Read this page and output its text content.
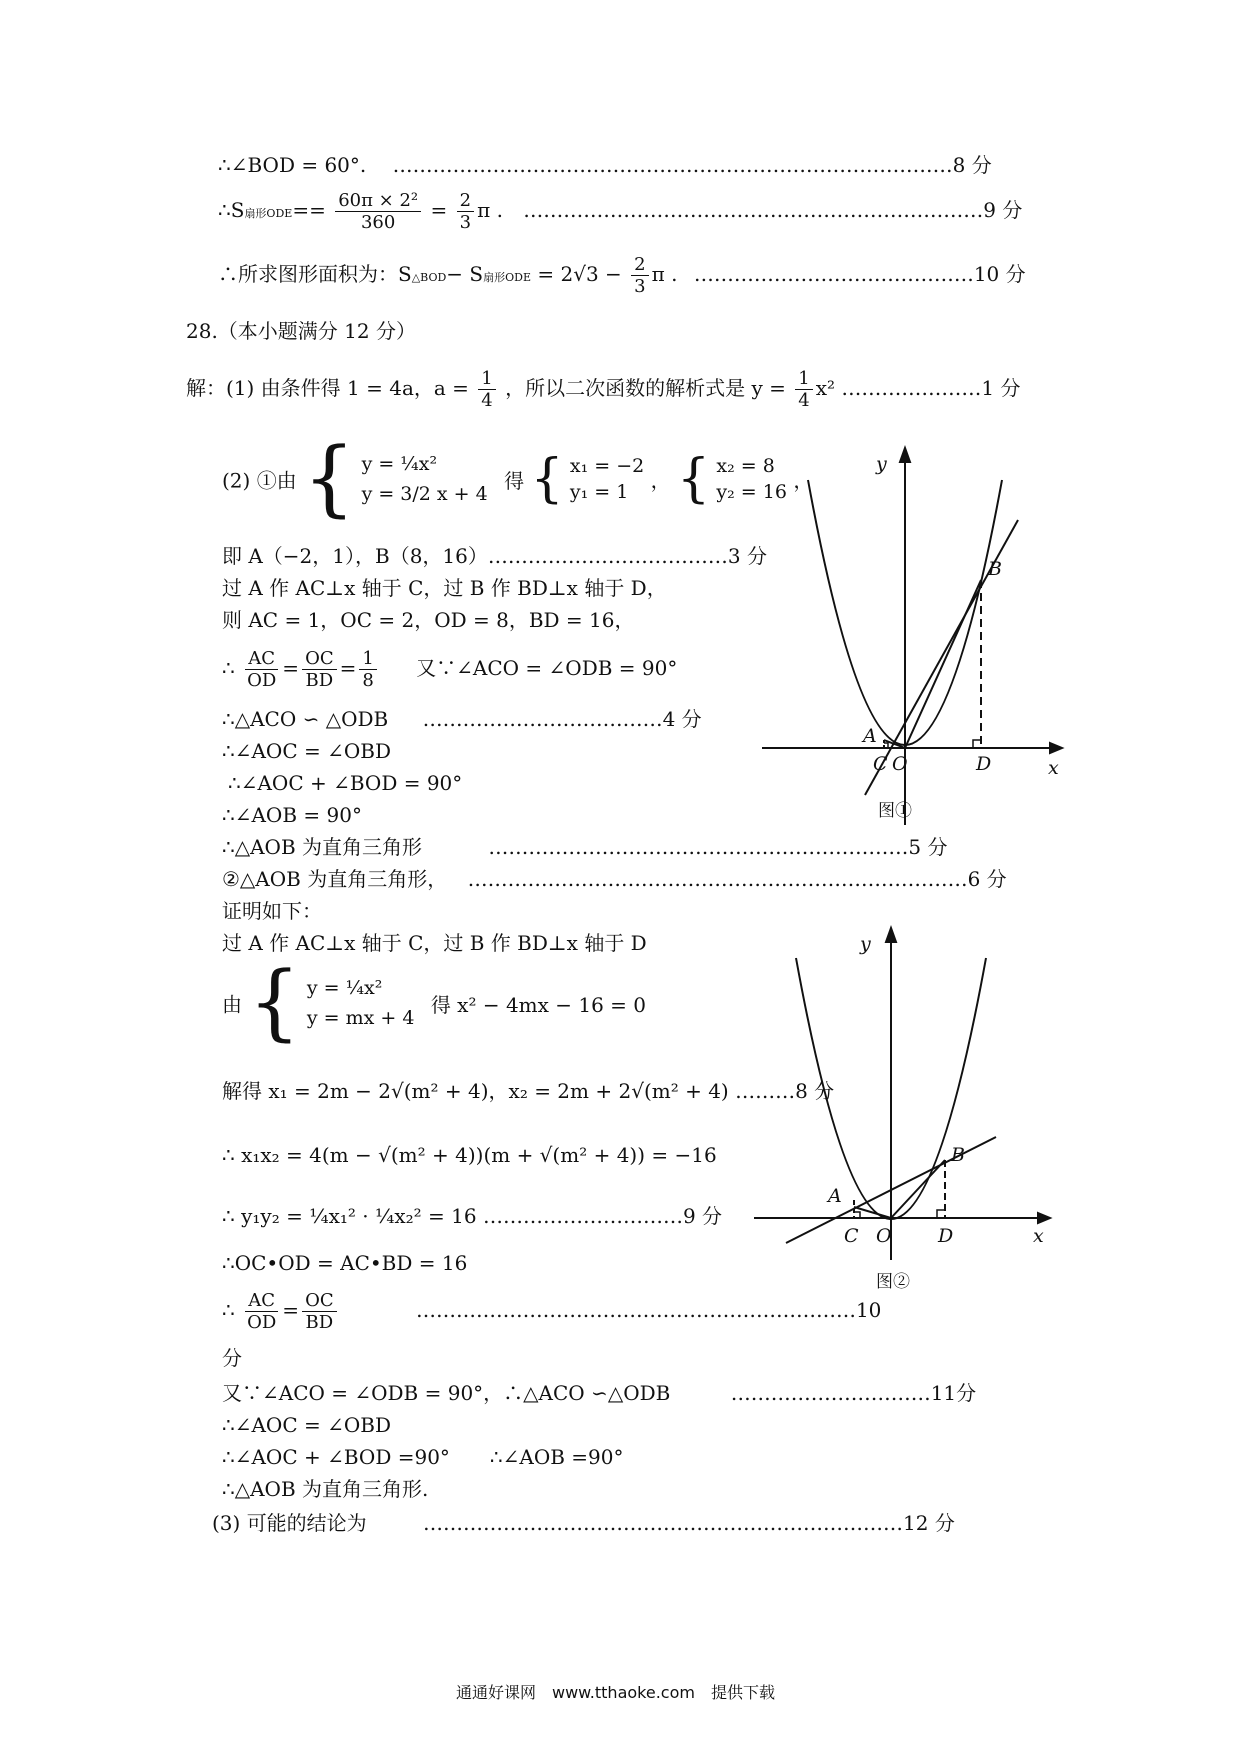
∴∠BOD = 60°. …………………………………………………………………………8 分
∴S扇形$ODE== \frac{\text{60π × 2²}}{360} = \frac{2}{3}$ π . ……………………………………………………………9 分
∴所求图形面积为：S△BOD− S扇形ODE = $2√3 - \frac{2}{3}$ π . ……………………………………10 分
28.（本小题满分 12 分）
解：(1) 由条件得 1 = 4a，$a = \frac{1}{4}$ ，所以二次函数的解析式是 $y = \frac{1}{4} x^2$ …………………1 分
(2) ①由 { y = ¼x²
y = 3/2 x + 4
得 { x₁ = −2
y₁ = 1	， { x₂ = 8
y₂ = 16 ，
即 A（−2，1），B（8，16）………………………………3 分
过 A 作 AC⊥x 轴于 C，过 B 作 BD⊥x 轴于 D，
则 AC = 1，OC = 2，OD = 8，BD = 16，
∴ $\frac{AC}{OD} = \frac{OC}{BD} = \frac{1}{8}$ 又∵∠ACO = ∠ODB = 90°
∴△ACO ∽ △ODB ………………………………4 分
∴∠AOC = ∠OBD
∴∠AOC + ∠BOD = 90°
∴∠AOB = 90°
∴△AOB 为直角三角形	………………………………………………………5 分
②△AOB 为直角三角形， …………………………………………………………………6 分
证明如下：
过 A 作 AC⊥x 轴于 C，过 B 作 BD⊥x 轴于 D
由 { y = ¼x²
y = mx + 4
得 x² − 4mx − 16 = 0
解得 x₁ = 2m − 2√(m² + 4)，x₂ = 2m + 2√(m² + 4) ………8 分
∴ x₁x₂ = 4(m − √(m² + 4))(m + √(m² + 4)) = −16
∴ y₁y₂ = ¼x₁² · ¼x₂² = 16 …………………………9 分
∴OC•OD = AC•BD = 16
∴ $\frac{AC}{OD} = \frac{OC}{BD}$	…………………………………………………………10
分
又∵∠ACO = ∠ODB = 90°，∴△ACO ∽△ODB	…………………………11分
∴∠AOC = ∠OBD
∴∠AOC + ∠BOD =90°　　∴∠AOB =90°
∴△AOB 为直角三角形.
(3) 可能的结论为	………………………………………………………………12 分
x
y
A
B
C O	D
图①
x
y
A
B
C O D
图②
通通好课网　www.tthaoke.com　提供下载
